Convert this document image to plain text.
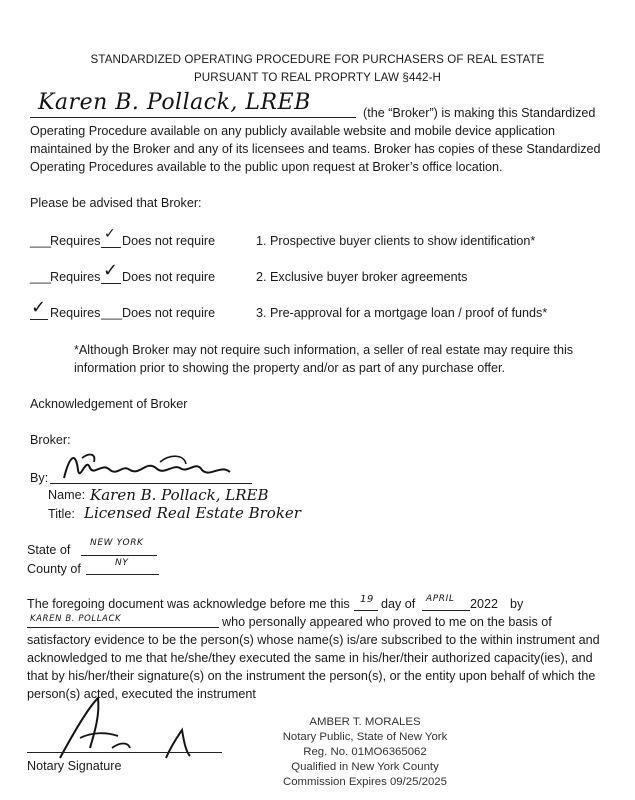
STANDARDIZED OPERATING PROCEDURE FOR PURCHASERS OF REAL ESTATE
PURSUANT TO REAL PROPRTY LAW §442-H
Karen B. Pollack, LREB	(the “Broker”) is making this Standardized
Operating Procedure available on any publicly available website and mobile device application
maintained by the Broker and any of its licensees and teams. Broker has copies of these Standardized
Operating Procedures available to the public upon request at Broker’s office location.
Please be advised that Broker:
___
Requires ✓ Does not require	1. Prospective buyer clients to show identification*
___
Requires ✓ Does not require	2. Exclusive buyer broker agreements
✓ Requires ___ Does not require	3. Pre-approval for a mortgage loan / proof of funds*
*Although Broker may not require such information, a seller of real estate may require this
information prior to showing the property and/or as part of any purchase offer.
Acknowledgement of Broker
Broker:
By:
Name: Karen B. Pollack, LREB
Title: Licensed Real Estate Broker
State of NEW YORK
County of	NY
The foregoing document was acknowledge before me this 19 day of APRIL 2022 by
KAREN B. POLLACK	who personally appeared who proved to me on the basis of
satisfactory evidence to be the person(s) whose name(s) is/are subscribed to the within instrument and
acknowledged to me that he/she/they executed the same in his/her/their authorized capacity(ies), and
that by his/her/their signature(s) on the instrument the person(s), or the entity upon behalf of which the
person(s) acted, executed the instrument
Notary Signature
AMBER T. MORALES
Notary Public, State of New York
Reg. No. 01MO6365062
Qualified in New York County
Commission Expires 09/25/2025
